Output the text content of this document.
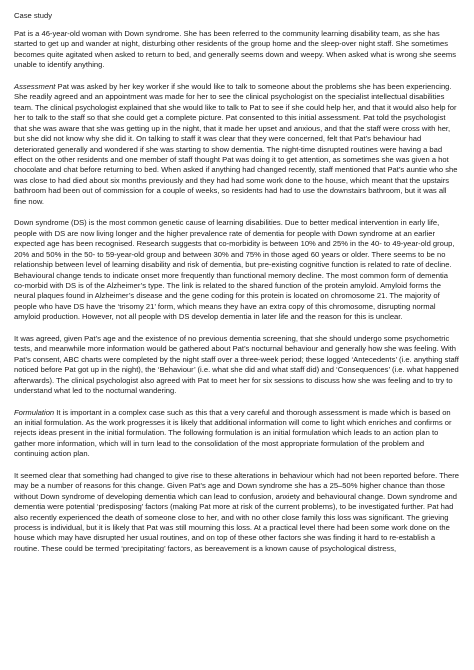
Case study

Pat is a 46-year-old woman with Down syndrome. She has been referred to the community learning disability team, as she has started to get up and wander at night, disturbing other residents of the group home and the sleep-over night staff. She sometimes becomes quite agitated when asked to return to bed, and generally seems down and weepy. When asked what is wrong she seems unable to identify anything.

Assessment Pat was asked by her key worker if she would like to talk to someone about the problems she has been experiencing. She readily agreed and an appointment was made for her to see the clinical psychologist on the specialist intellectual disabilities team. The clinical psychologist explained that she would like to talk to Pat to see if she could help her, and that it would also help for her to talk to the staff so that she could get a complete picture. Pat consented to this initial assessment. Pat told the psychologist that she was aware that she was getting up in the night, that it made her upset and anxious, and that the staff were cross with her, but she did not know why she did it. On talking to staff it was clear that they were concerned, felt that Pat’s behaviour had deteriorated generally and wondered if she was starting to show dementia. The night-time disrupted routines were having a bad effect on the other residents and one member of staff thought Pat was doing it to get attention, as sometimes she was given a hot chocolate and chat before returning to bed. When asked if anything had changed recently, staff mentioned that Pat’s auntie who she was close to had died about six months previously and they had had some work done to the house, which meant that the upstairs bathroom had been out of commission for a couple of weeks, so residents had had to use the downstairs bathroom, but it was all fine now.

Down syndrome (DS) is the most common genetic cause of learning disabilities. Due to better medical intervention in early life, people with DS are now living longer and the higher prevalence rate of dementia for people with Down syndrome at an earlier expected age has been recognised. Research suggests that co-morbidity is between 10% and 25% in the 40- to 49-year-old group, 20% and 50% in the 50- to 59-year-old group and between 30% and 75% in those aged 60 years or older. There seems to be no relationship between level of learning disability and risk of dementia, but pre-existing cognitive function is related to rate of decline. Behavioural change tends to indicate onset more frequently than functional memory decline. The most common form of dementia co-morbid with DS is of the Alzheimer’s type. The link is related to the shared function of the protein amyloid. Amyloid forms the neural plaques found in Alzheimer’s disease and the gene coding for this protein is located on chromosome 21. The majority of people who have DS have the ‘trisomy 21’ form, which means they have an extra copy of this chromosome, disrupting normal amyloid production. However, not all people with DS develop dementia in later life and the reason for this is unclear.

It was agreed, given Pat’s age and the existence of no previous dementia screening, that she should undergo some psychometric tests, and meanwhile more information would be gathered about Pat’s nocturnal behaviour and generally how she was feeling. With Pat’s consent, ABC charts were completed by the night staff over a three-week period; these logged ‘Antecedents’ (i.e. anything staff noticed before Pat got up in the night), the ‘Behaviour’ (i.e. what she did and what staff did) and ‘Consequences’ (i.e. what happened afterwards). The clinical psychologist also agreed with Pat to meet her for six sessions to discuss how she was feeling and to try to understand what led to the nocturnal wandering.

Formulation It is important in a complex case such as this that a very careful and thorough assessment is made which is based on an initial formulation. As the work progresses it is likely that additional information will come to light which enriches and confirms or rejects ideas present in the initial formulation. The following formulation is an initial formulation which leads to an action plan to gather more information, which will in turn lead to the consolidation of the most appropriate formulation of the problem and continuing action plan.

It seemed clear that something had changed to give rise to these alterations in behaviour which had not been reported before. There may be a number of reasons for this change. Given Pat’s age and Down syndrome she has a 25–50% higher chance than those without Down syndrome of developing dementia which can lead to confusion, anxiety and behavioural change. Down syndrome and dementia were potential ‘predisposing’ factors (making Pat more at risk of the current problems), to be investigated further. Pat had also recently experienced the death of someone close to her, and with no other close family this loss was significant. The grieving process is individual, but it is likely that Pat was still mourning this loss. At a practical level there had been some work done on the house which may have disrupted her usual routines, and on top of these other factors she was finding it hard to re-establish a routine. These could be termed ‘precipitating’ factors, as bereavement is a known cause of psychological distress,
